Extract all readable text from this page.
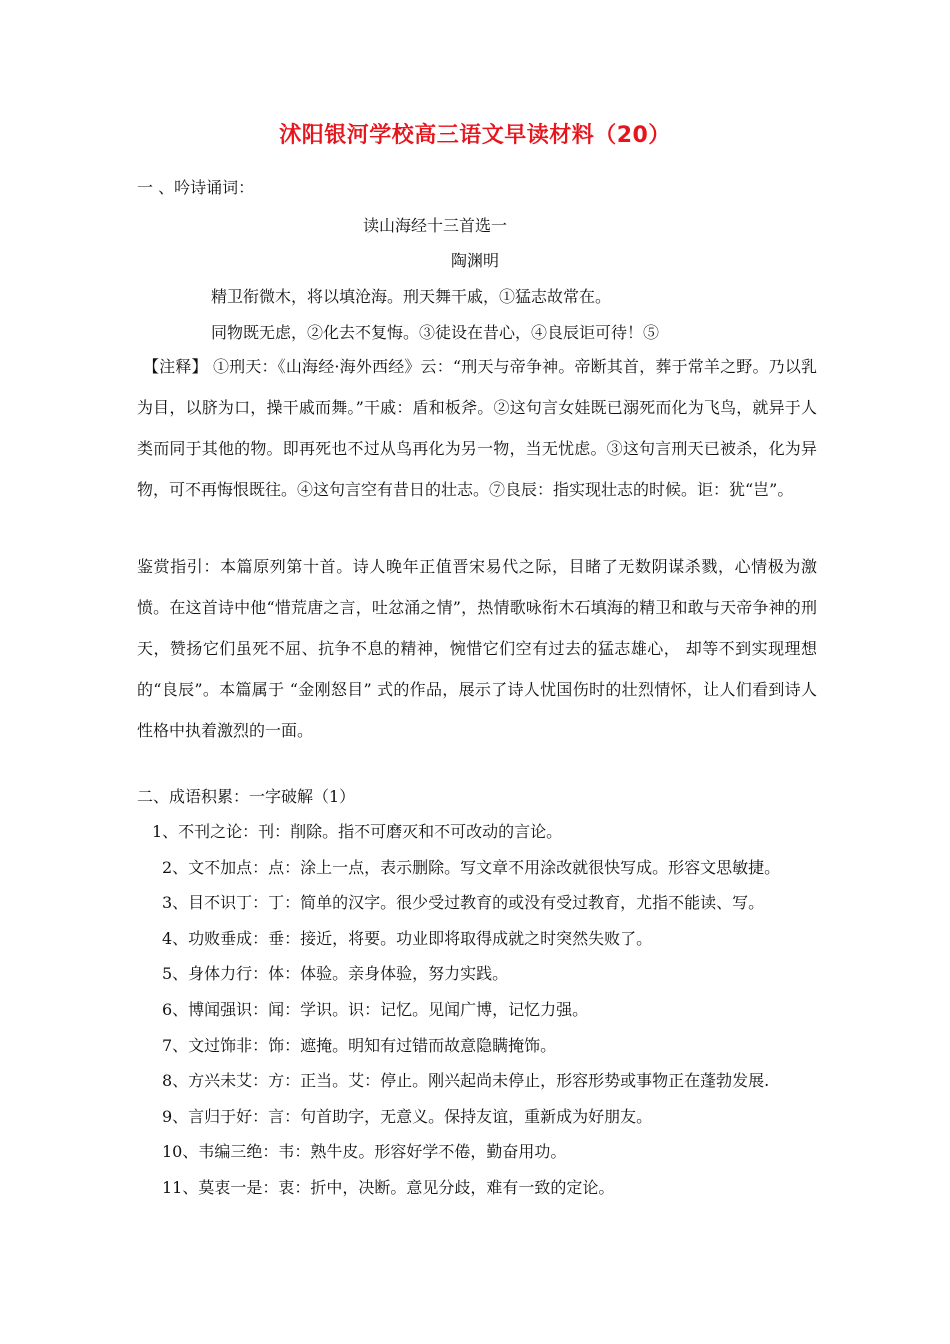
沭阳银河学校高三语文早读材料（20）
一 、吟诗诵词：
读山海经十三首选一
陶渊明
精卫衔微木，将以填沧海。刑天舞干戚，①猛志故常在。
同物既无虑，②化去不复悔。③徒设在昔心，④良辰讵可待！⑤

【注释】 ①刑天：《山海经·海外西经》云：“刑天与帝争神。帝断其首，葬于常羊之野。乃以乳为目，以脐为口，操干戚而舞。”干戚：盾和板斧。②这句言女娃既已溺死而化为飞鸟，就异于人类而同于其他的物。即再死也不过从鸟再化为另一物，当无忧虑。③这句言刑天已被杀，化为异物，可不再悔恨既往。④这句言空有昔日的壮志。⑦良辰：指实现壮志的时候。讵：犹“岂”。

鉴赏指引：本篇原列第十首。诗人晚年正值晋宋易代之际，目睹了无数阴谋杀戮，心情极为激愤。在这首诗中他“惜荒唐之言，吐忿涌之情”，热情歌咏衔木石填海的精卫和敢与天帝争神的刑天，赞扬它们虽死不屈、抗争不息的精神，惋惜它们空有过去的猛志雄心， 却等不到实现理想的“良辰”。本篇属于 “金刚怒目” 式的作品，展示了诗人忧国伤时的壮烈情怀，让人们看到诗人性格中执着激烈的一面。

二、成语积累：一字破解（1）
1、不刊之论：刊：削除。指不可磨灭和不可改动的言论。
2、文不加点：点：涂上一点，表示删除。写文章不用涂改就很快写成。形容文思敏捷。
3、目不识丁：丁：简单的汉字。很少受过教育的或没有受过教育，尤指不能读、写。
4、功败垂成：垂：接近，将要。功业即将取得成就之时突然失败了。
5、身体力行：体：体验。亲身体验，努力实践。
6、博闻强识：闻：学识。识：记忆。见闻广博，记忆力强。
7、文过饰非：饰：遮掩。明知有过错而故意隐瞒掩饰。
8、方兴未艾：方：正当。艾：停止。刚兴起尚未停止，形容形势或事物正在蓬勃发展.
9、言归于好：言：句首助字，无意义。保持友谊，重新成为好朋友。
10、韦编三绝：韦：熟牛皮。形容好学不倦，勤奋用功。
11、莫衷一是：衷：折中，决断。意见分歧，难有一致的定论。
